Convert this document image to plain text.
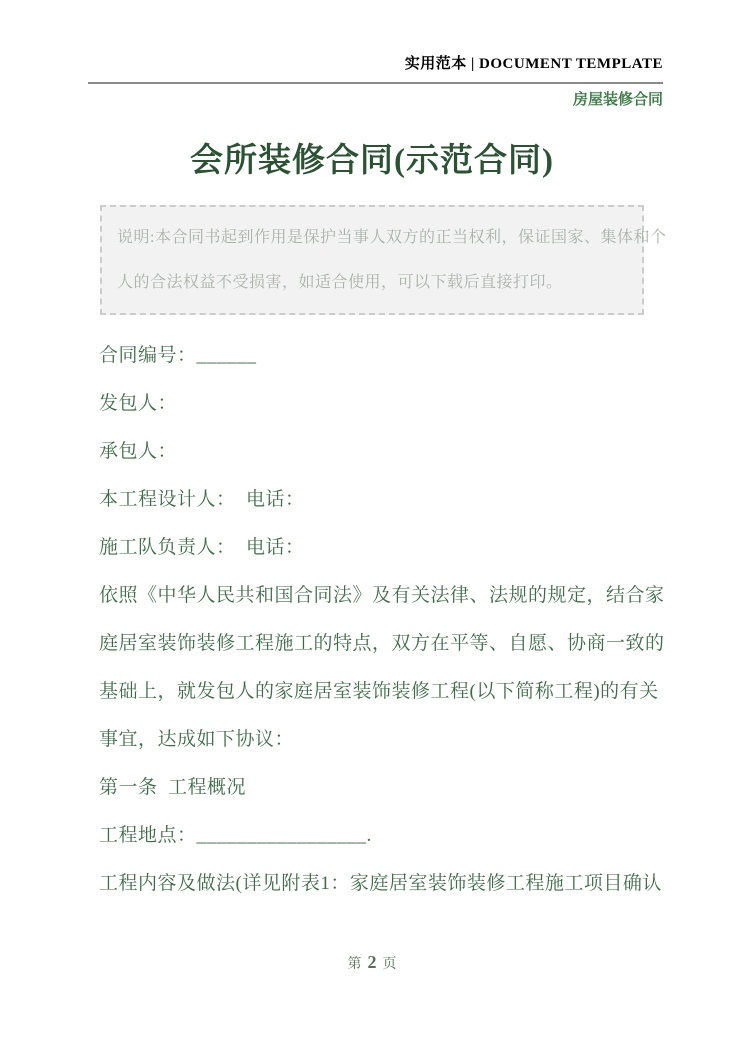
实用范本 | DOCUMENT TEMPLATE
房屋装修合同
会所装修合同(示范合同)
说明:本合同书起到作用是保护当事人双方的正当权利，保证国家、集体和个
人的合法权益不受损害，如适合使用，可以下载后直接打印。
合同编号：______
发包人：
承包人：
本工程设计人：  电话：
施工队负责人：  电话：
依照《中华人民共和国合同法》及有关法律、法规的规定，结合家
庭居室装饰装修工程施工的特点，双方在平等、自愿、协商一致的
基础上，就发包人的家庭居室装饰装修工程(以下简称工程)的有关
事宜，达成如下协议：
第一条  工程概况
工程地点：_________________.
工程内容及做法(详见附表1：家庭居室装饰装修工程施工项目确认
第 2 页
